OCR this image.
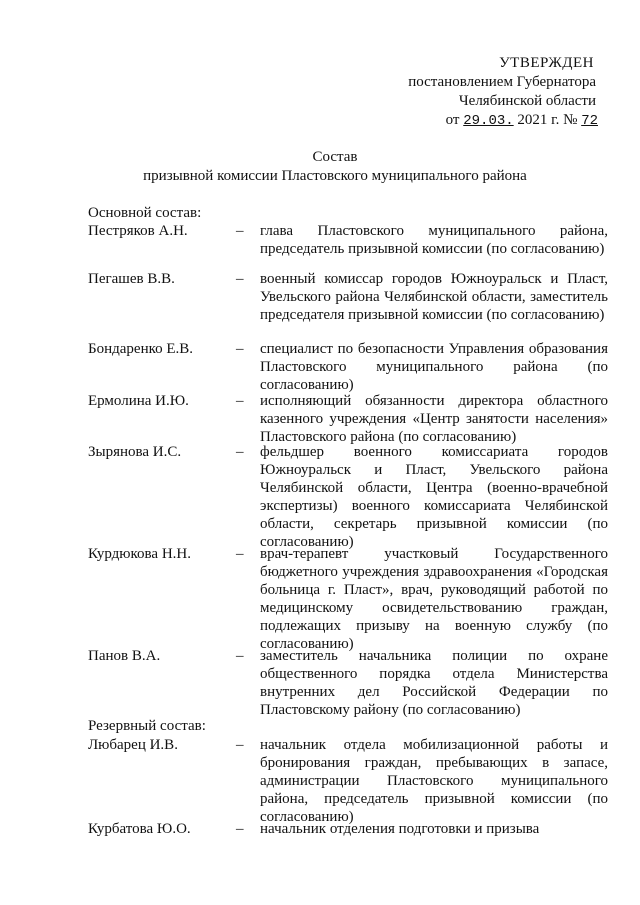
УТВЕРЖДЕН
постановлением Губернатора
Челябинской области
от 29.03. 2021 г. № 72
Состав
призывной комиссии Пластовского муниципального района
Основной состав:
Пестряков А.Н.	– глава Пластовского муниципального района, председатель призывной комиссии (по согласованию)
Пегашев В.В.	– военный комиссар городов Южноуральск и Пласт, Увельского района Челябинской области, заместитель председателя призывной комиссии (по согласованию)
Бондаренко Е.В.	– специалист по безопасности Управления образования Пластовского муниципального района (по согласованию)
Ермолина И.Ю.	– исполняющий обязанности директора областного казенного учреждения «Центр занятости населения» Пластовского района (по согласованию)
Зырянова И.С.	– фельдшер военного комиссариата городов Южноуральск и Пласт, Увельского района Челябинской области, Центра (военно-врачебной экспертизы) военного комиссариата Челябинской области, секретарь призывной комиссии (по согласованию)
Курдюкова Н.Н.	– врач-терапевт участковый Государственного бюджетного учреждения здравоохранения «Городская больница г. Пласт», врач, руководящий работой по медицинскому освидетельствованию граждан, подлежащих призыву на военную службу (по согласованию)
Панов В.А.	– заместитель начальника полиции по охране общественного порядка отдела Министерства внутренних дел Российской Федерации по Пластовскому району (по согласованию)
Резервный состав:
Любарец И.В.	– начальник отдела мобилизационной работы и бронирования граждан, пребывающих в запасе, администрации Пластовского муниципального района, председатель призывной комиссии (по согласованию)
Курбатова Ю.О.	– начальник отделения подготовки и призыва
